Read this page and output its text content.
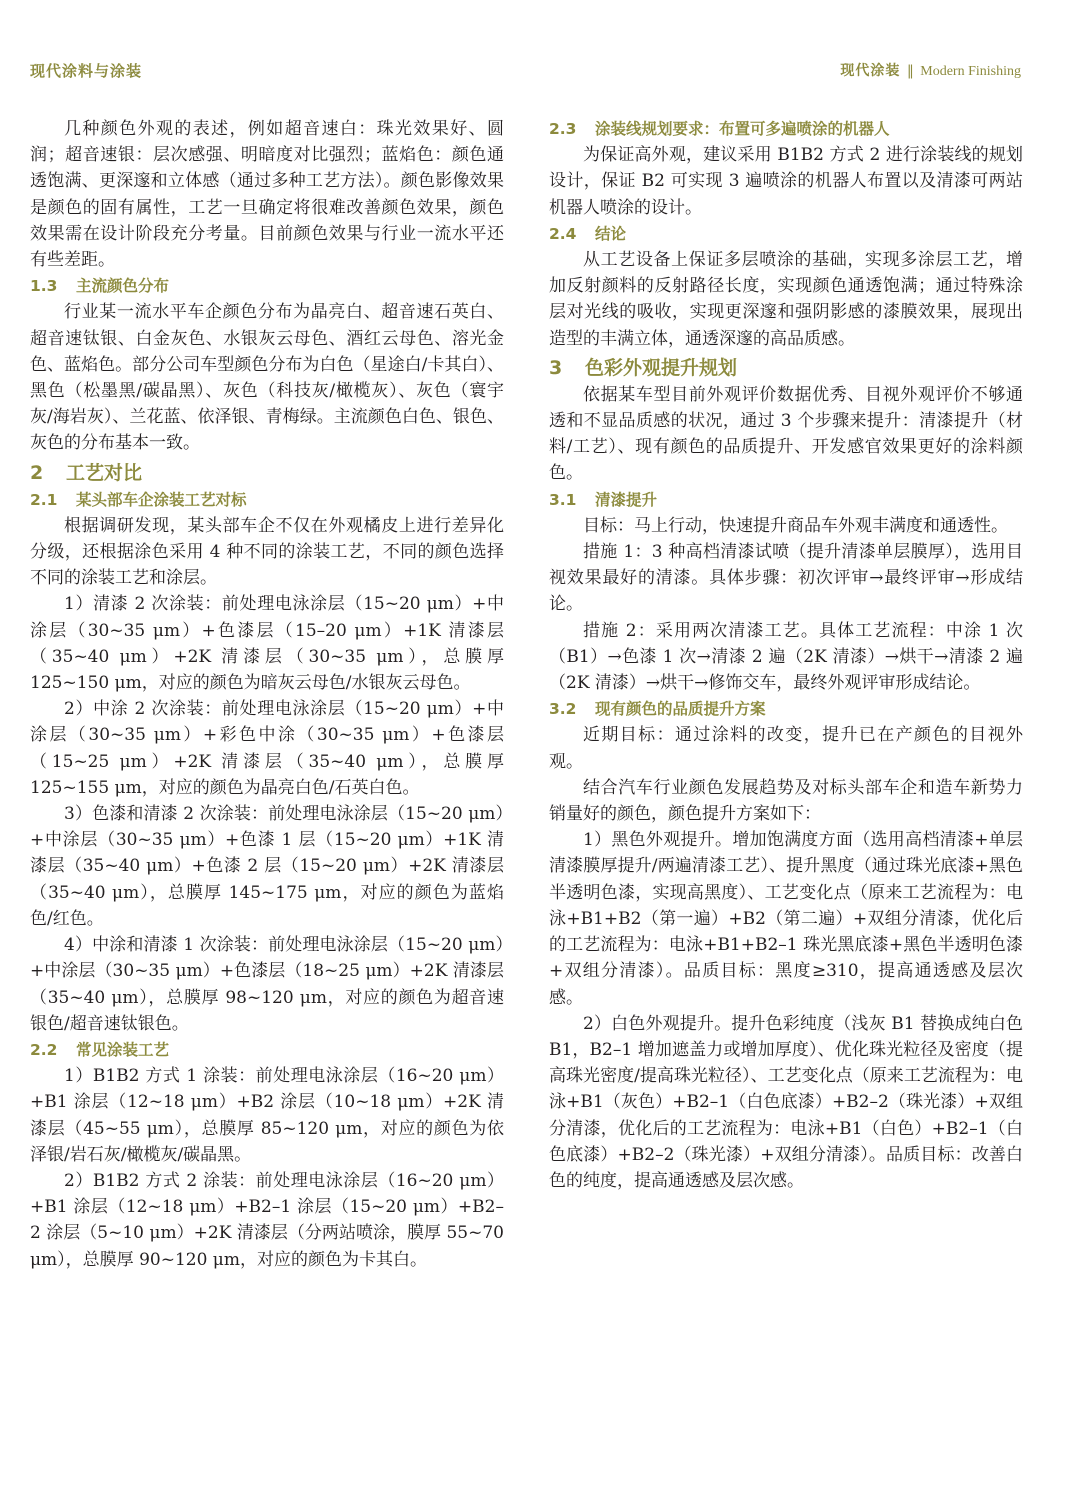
现代涂料与涂装	现代涂装 ‖ Modern Finishing

几种颜色外观的表述，例如超音速白：珠光效果好、圆润；超音速银：层次感强、明暗度对比强烈；蓝焰色：颜色通透饱满、更深邃和立体感（通过多种工艺方法）。颜色影像效果是颜色的固有属性，工艺一旦确定将很难改善颜色效果，颜色效果需在设计阶段充分考量。目前颜色效果与行业一流水平还有些差距。

1.3 主流颜色分布

行业某一流水平车企颜色分布为晶亮白、超音速石英白、超音速钛银、白金灰色、水银灰云母色、酒红云母色、溶光金色、蓝焰色。部分公司车型颜色分布为白色（星途白/卡其白）、黑色（松墨黑/碳晶黑）、灰色（科技灰/橄榄灰）、灰色（寰宇灰/海岩灰）、兰花蓝、依泽银、青梅绿。主流颜色白色、银色、灰色的分布基本一致。

2 工艺对比
2.1 某头部车企涂装工艺对标

根据调研发现，某头部车企不仅在外观橘皮上进行差异化分级，还根据涂色采用 4 种不同的涂装工艺，不同的颜色选择不同的涂装工艺和涂层。

1）清漆 2 次涂装：前处理电泳涂层（15~20 μm）+中涂层（30~35 μm）+色漆层（15–20 μm）+1K 清漆层（35~40 μm）+2K 清漆层（30~35 μm），总膜厚 125~150 μm，对应的颜色为暗灰云母色/水银灰云母色。

2）中涂 2 次涂装：前处理电泳涂层（15~20 μm）+中涂层（30~35 μm）+彩色中涂（30~35 μm）+色漆层（15~25 μm）+2K 清漆层（35~40 μm），总膜厚 125~155 μm，对应的颜色为晶亮白色/石英白色。

3）色漆和清漆 2 次涂装：前处理电泳涂层（15~20 μm）+中涂层（30~35 μm）+色漆 1 层（15~20 μm）+1K 清漆层（35~40 μm）+色漆 2 层（15~20 μm）+2K 清漆层（35~40 μm），总膜厚 145~175 μm，对应的颜色为蓝焰色/红色。

4）中涂和清漆 1 次涂装：前处理电泳涂层（15~20 μm）+中涂层（30~35 μm）+色漆层（18~25 μm）+2K 清漆层（35~40 μm），总膜厚 98~120 μm，对应的颜色为超音速银色/超音速钛银色。

2.2 常见涂装工艺

1）B1B2 方式 1 涂装：前处理电泳涂层（16~20 μm）+B1 涂层（12~18 μm）+B2 涂层（10~18 μm）+2K 清漆层（45~55 μm），总膜厚 85~120 μm，对应的颜色为依泽银/岩石灰/橄榄灰/碳晶黑。

2）B1B2 方式 2 涂装：前处理电泳涂层（16~20 μm）+B1 涂层（12~18 μm）+B2–1 涂层（15~20 μm）+B2–2 涂层（5~10 μm）+2K 清漆层（分两站喷涂，膜厚 55~70 μm），总膜厚 90~120 μm，对应的颜色为卡其白。

2.3 涂装线规划要求：布置可多遍喷涂的机器人

为保证高外观，建议采用 B1B2 方式 2 进行涂装线的规划设计，保证 B2 可实现 3 遍喷涂的机器人布置以及清漆可两站机器人喷涂的设计。

2.4 结论

从工艺设备上保证多层喷涂的基础，实现多涂层工艺，增加反射颜料的反射路径长度，实现颜色通透饱满；通过特殊涂层对光线的吸收，实现更深邃和强阴影感的漆膜效果，展现出造型的丰满立体，通透深邃的高品质感。

3 色彩外观提升规划

依据某车型目前外观评价数据优秀、目视外观评价不够通透和不显品质感的状况，通过 3 个步骤来提升：清漆提升（材料/工艺）、现有颜色的品质提升、开发感官效果更好的涂料颜色。

3.1 清漆提升

目标：马上行动，快速提升商品车外观丰满度和通透性。

措施 1：3 种高档清漆试喷（提升清漆单层膜厚），选用目视效果最好的清漆。具体步骤：初次评审→最终评审→形成结论。

措施 2：采用两次清漆工艺。具体工艺流程：中涂 1 次（B1）→色漆 1 次→清漆 2 遍（2K 清漆）→烘干→清漆 2 遍（2K 清漆）→烘干→修饰交车，最终外观评审形成结论。

3.2 现有颜色的品质提升方案

近期目标：通过涂料的改变，提升已在产颜色的目视外观。

结合汽车行业颜色发展趋势及对标头部车企和造车新势力销量好的颜色，颜色提升方案如下：

1）黑色外观提升。增加饱满度方面（选用高档清漆+单层清漆膜厚提升/两遍清漆工艺）、提升黑度（通过珠光底漆+黑色半透明色漆，实现高黑度）、工艺变化点（原来工艺流程为：电泳+B1+B2（第一遍）+B2（第二遍）+双组分清漆，优化后的工艺流程为：电泳+B1+B2–1 珠光黑底漆+黑色半透明色漆+双组分清漆）。品质目标：黑度≥310，提高通透感及层次感。

2）白色外观提升。提升色彩纯度（浅灰 B1 替换成纯白色 B1，B2–1 增加遮盖力或增加厚度）、优化珠光粒径及密度（提高珠光密度/提高珠光粒径）、工艺变化点（原来工艺流程为：电泳+B1（灰色）+B2–1（白色底漆）+B2–2（珠光漆）+双组分清漆，优化后的工艺流程为：电泳+B1（白色）+B2–1（白色底漆）+B2–2（珠光漆）+双组分清漆）。品质目标：改善白色的纯度，提高通透感及层次感。
